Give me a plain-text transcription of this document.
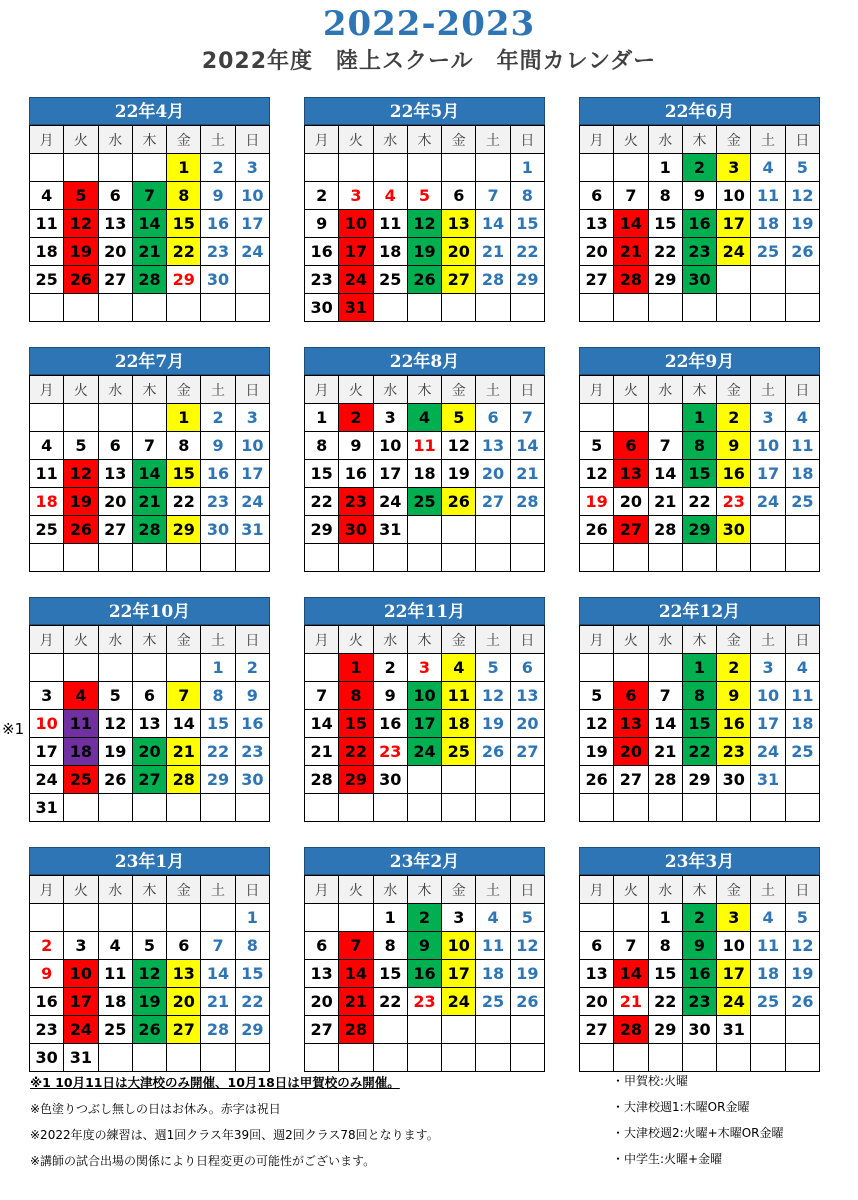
2022-2023
2022年度　陸上スクール　年間カレンダー
22年4月
月	火	水	木	金	土	日
				1	2	3
4	5	6	7	8	9	10
11	12	13	14	15	16	17
18	19	20	21	22	23	24
25	26	27	28	29	30	

22年5月
月	火	水	木	金	土	日
						1
2	3	4	5	6	7	8
9	10	11	12	13	14	15
16	17	18	19	20	21	22
23	24	25	26	27	28	29
30	31					
22年6月
月	火	水	木	金	土	日
		1	2	3	4	5
6	7	8	9	10	11	12
13	14	15	16	17	18	19
20	21	22	23	24	25	26
27	28	29	30			

22年7月
月	火	水	木	金	土	日
				1	2	3
4	5	6	7	8	9	10
11	12	13	14	15	16	17
18	19	20	21	22	23	24
25	26	27	28	29	30	31

22年8月
月	火	水	木	金	土	日
1	2	3	4	5	6	7
8	9	10	11	12	13	14
15	16	17	18	19	20	21
22	23	24	25	26	27	28
29	30	31				

22年9月
月	火	水	木	金	土	日
			1	2	3	4
5	6	7	8	9	10	11
12	13	14	15	16	17	18
19	20	21	22	23	24	25
26	27	28	29	30		

22年10月
月	火	水	木	金	土	日
					1	2
3	4	5	6	7	8	9
10	11	12	13	14	15	16
17	18	19	20	21	22	23
24	25	26	27	28	29	30
31						
22年11月
月	火	水	木	金	土	日
	1	2	3	4	5	6
7	8	9	10	11	12	13
14	15	16	17	18	19	20
21	22	23	24	25	26	27
28	29	30				

22年12月
月	火	水	木	金	土	日
			1	2	3	4
5	6	7	8	9	10	11
12	13	14	15	16	17	18
19	20	21	22	23	24	25
26	27	28	29	30	31	

23年1月
月	火	水	木	金	土	日
						1
2	3	4	5	6	7	8
9	10	11	12	13	14	15
16	17	18	19	20	21	22
23	24	25	26	27	28	29
30	31					
23年2月
月	火	水	木	金	土	日
		1	2	3	4	5
6	7	8	9	10	11	12
13	14	15	16	17	18	19
20	21	22	23	24	25	26
27	28					

23年3月
月	火	水	木	金	土	日
		1	2	3	4	5
6	7	8	9	10	11	12
13	14	15	16	17	18	19
20	21	22	23	24	25	26
27	28	29	30	31		

※1
※1 10月11日は大津校のみ開催、10月18日は甲賀校のみ開催。
※色塗りつぶし無しの日はお休み。赤字は祝日
※2022年度の練習は、週1回クラス年39回、週2回クラス78回となります。
※講師の試合出場の関係により日程変更の可能性がございます。
・甲賀校:火曜
・大津校週1:木曜OR金曜
・大津校週2:火曜+木曜OR金曜
・中学生:火曜+金曜
